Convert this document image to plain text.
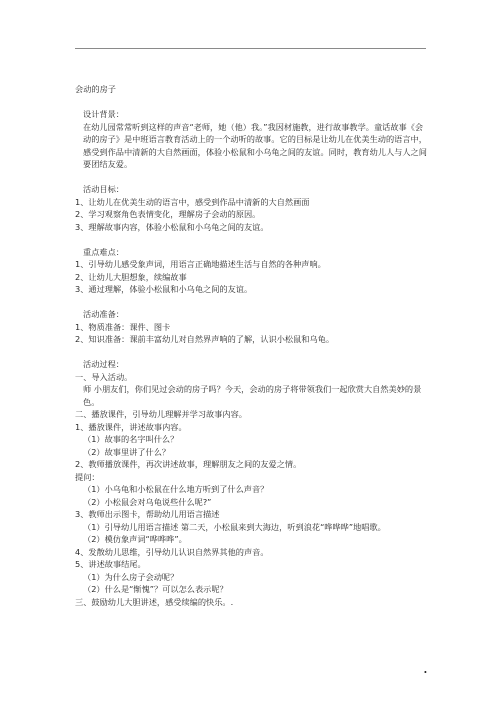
会动的房子

设计背景：

在幼儿园常常听到这样的声音“老师，她（他）我。”我因材施教，进行故事教学。童话故事《会动的房子》是中班语言教育活动上的一个动听的故事。它的目标是让幼儿在优美生动的语言中，感受到作品中清新的大自然画面，体验小松鼠和小乌龟之间的友谊。同时，教育幼儿人与人之间要团结友爱。

活动目标：

1、让幼儿在优美生动的语言中，感受到作品中清新的大自然画面

2、学习观察角色表情变化，理解房子会动的原因。

3、理解故事内容，体验小松鼠和小乌龟之间的友谊。

重点难点：

1、引导幼儿感受象声词，用语言正确地描述生活与自然的各种声响。

2、让幼儿大胆想象，续编故事

3、通过理解，体验小松鼠和小乌龟之间的友谊。

活动准备：

1、物质准备：课件、图卡

2、知识准备：课前丰富幼儿对自然界声响的了解，认识小松鼠和乌龟。

活动过程：

一、导入活动。

师 小朋友们，你们见过会动的房子吗？今天，会动的房子将带领我们一起欣赏大自然美妙的景色。

二、播放课件，引导幼儿理解并学习故事内容。

1、播放课件，讲述故事内容。

（1）故事的名字叫什么？

（2）故事里讲了什么？

2、教师播放课件，再次讲述故事，理解朋友之间的友爱之情。

提问：

（1）小乌龟和小松鼠在什么地方听到了什么声音？

（2）小松鼠会对乌龟说些什么呢?”

3、教师出示图卡，帮助幼儿用语言描述

（1）引导幼儿用语言描述 第二天，小松鼠来到大海边，听到浪花“哗哗哗”地唱歌。

（2）模仿象声词“哗哗哗”。

4、发散幼儿思维，引导幼儿认识自然界其他的声音。

5、讲述故事结尾。

（1）为什么房子会动呢？

（2）什么是“惭愧”？可以怎么表示呢？

三、鼓励幼儿大胆讲述，感受续编的快乐。.

.
